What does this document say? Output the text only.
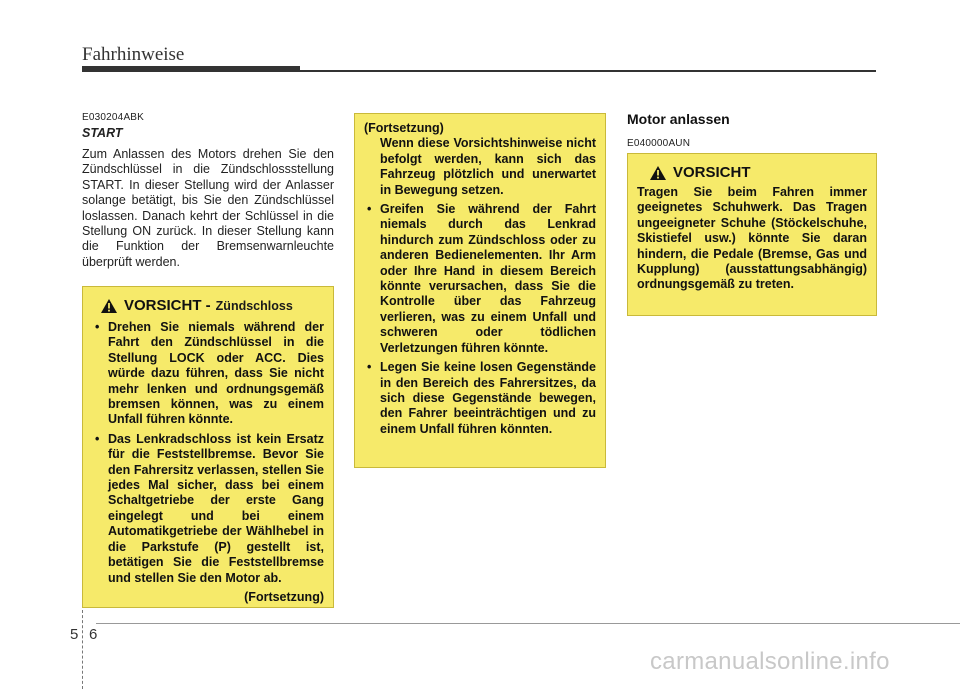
Fahrhinweise
E030204ABK
START
Zum Anlassen des Motors drehen Sie den Zündschlüssel in die Zündschlossstellung START. In dieser Stellung wird der Anlasser solange betätigt, bis Sie den Zündschlüssel loslassen. Danach kehrt der Schlüssel in die Stellung ON zurück. In dieser Stellung kann die Funktion der Bremsenwarnleuchte überprüft werden.
VORSICHT - Zündschloss
• Drehen Sie niemals während der Fahrt den Zündschlüssel in die Stellung LOCK oder ACC. Dies würde dazu führen, dass Sie nicht mehr lenken und ordnungsgemäß bremsen können, was zu einem Unfall führen könnte.
• Das Lenkradschloss ist kein Ersatz für die Feststellbremse. Bevor Sie den Fahrersitz verlassen, stellen Sie jedes Mal sicher, dass bei einem Schaltgetriebe der erste Gang eingelegt und bei einem Automatikgetriebe der Wählhebel in die Parkstufe (P) gestellt ist, betätigen Sie die Feststellbremse und stellen Sie den Motor ab.
(Fortsetzung)
(Fortsetzung)
Wenn diese Vorsichtshinweise nicht befolgt werden, kann sich das Fahrzeug plötzlich und unerwartet in Bewegung setzen.
• Greifen Sie während der Fahrt niemals durch das Lenkrad hindurch zum Zündschloss oder zu anderen Bedienelementen. Ihr Arm oder Ihre Hand in diesem Bereich könnte verursachen, dass Sie die Kontrolle über das Fahrzeug verlieren, was zu einem Unfall und schweren oder tödlichen Verletzungen führen könnte.
• Legen Sie keine losen Gegenstände in den Bereich des Fahrersitzes, da sich diese Gegenstände bewegen, den Fahrer beeinträchtigen und zu einem Unfall führen könnten.
Motor anlassen
E040000AUN
VORSICHT
Tragen Sie beim Fahren immer geeignetes Schuhwerk. Das Tragen ungeeigneter Schuhe (Stöckelschuhe, Skistiefel usw.) könnte Sie daran hindern, die Pedale (Bremse, Gas und Kupplung) (ausstattungsabhängig) ordnungsgemäß zu treten.
5 6
carmanualsonline.info
